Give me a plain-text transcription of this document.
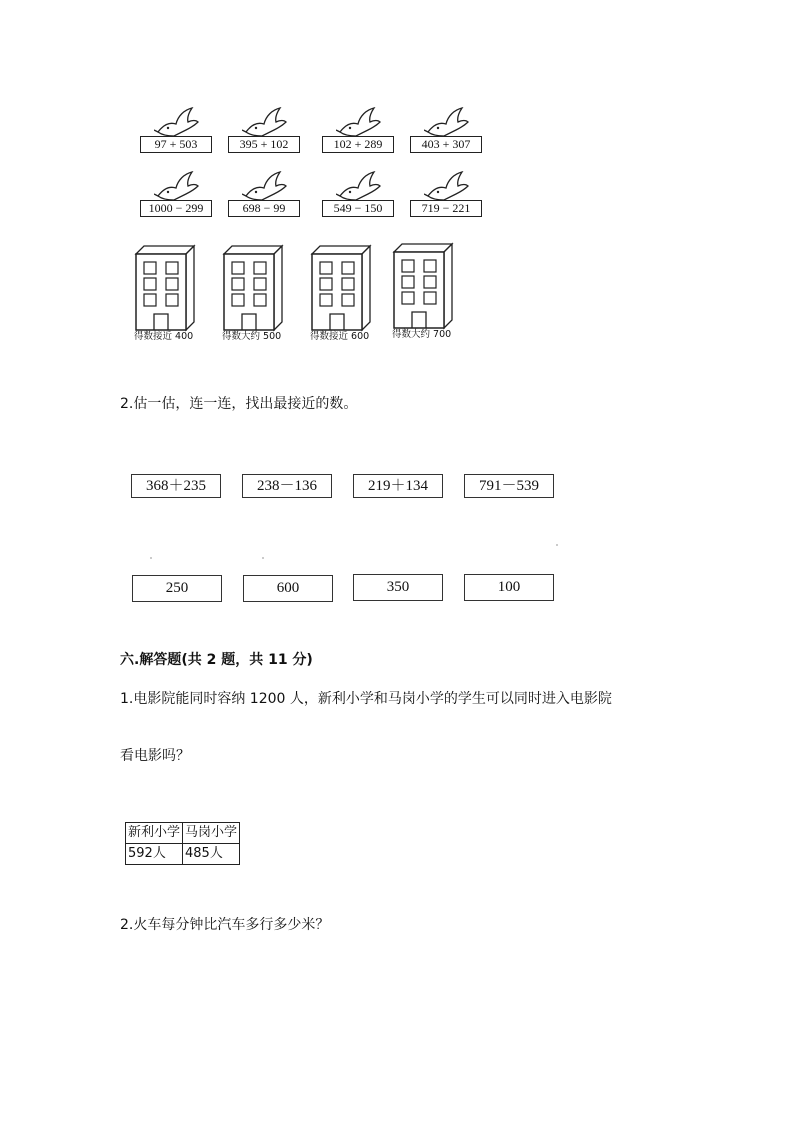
97 + 503	395 + 102	102 + 289	403 + 307
1000 − 299	698 − 99	549 − 150	719 − 221
得数接近 400	得数大约 500	得数接近 600	得数大约 700
2.估一估，连一连，找出最接近的数。
368＋235	238－136	219＋134	791－539
250	600	350	100
六.解答题(共 2 题，共 11 分)
1.电影院能同时容纳 1200 人，新利小学和马岗小学的学生可以同时进入电影院
看电影吗？
新利小学	马岗小学
592人	485人
2.火车每分钟比汽车多行多少米？
